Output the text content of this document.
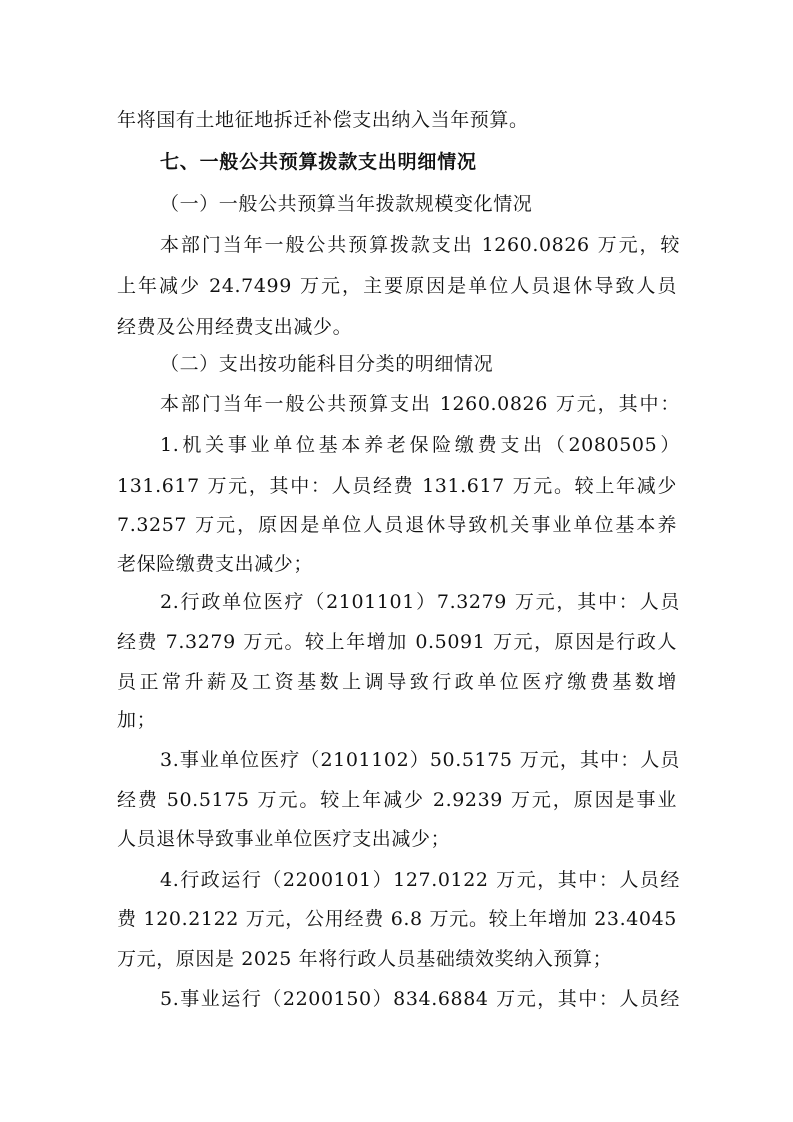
年将国有土地征地拆迁补偿支出纳入当年预算。
七、一般公共预算拨款支出明细情况
（一）一般公共预算当年拨款规模变化情况
本部门当年一般公共预算拨款支出 1260.0826 万元，较
上年减少 24.7499 万元，主要原因是单位人员退休导致人员
经费及公用经费支出减少。
（二）支出按功能科目分类的明细情况
本部门当年一般公共预算支出 1260.0826 万元，其中：
1.机关事业单位基本养老保险缴费支出（2080505）
131.617 万元，其中：人员经费 131.617 万元。较上年减少
7.3257 万元，原因是单位人员退休导致机关事业单位基本养
老保险缴费支出减少；
2.行政单位医疗（2101101）7.3279 万元，其中：人员
经费 7.3279 万元。较上年增加 0.5091 万元，原因是行政人
员正常升薪及工资基数上调导致行政单位医疗缴费基数增
加；
3.事业单位医疗（2101102）50.5175 万元，其中：人员
经费 50.5175 万元。较上年减少 2.9239 万元，原因是事业
人员退休导致事业单位医疗支出减少；
4.行政运行（2200101）127.0122 万元，其中：人员经
费 120.2122 万元，公用经费 6.8 万元。较上年增加 23.4045
万元，原因是 2025 年将行政人员基础绩效奖纳入预算；
5.事业运行（2200150）834.6884 万元，其中：人员经
